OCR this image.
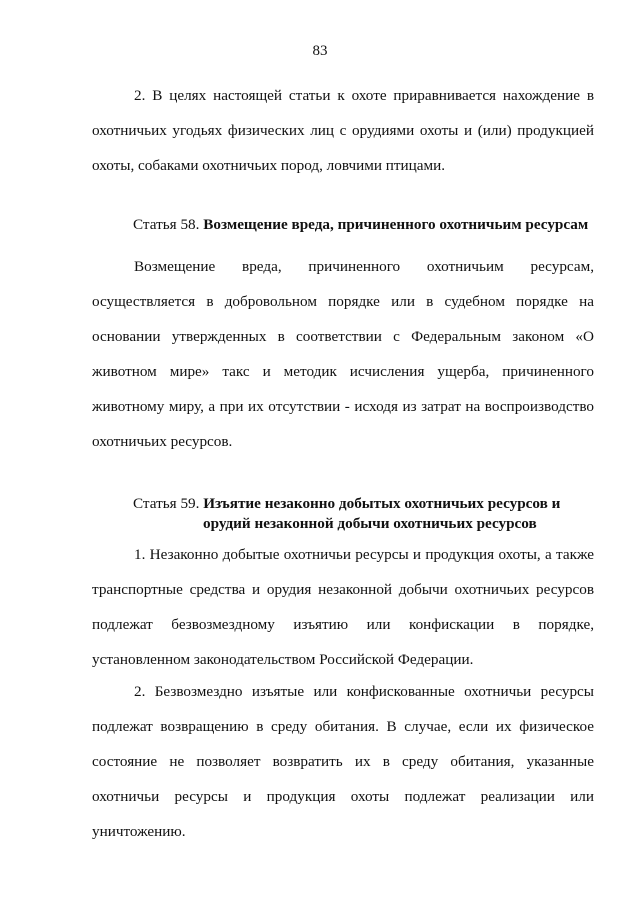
83

2. В целях настоящей статьи к охоте приравнивается нахождение в охотничьих угодьях физических лиц с орудиями охоты и (или) продукцией охоты, собаками охотничьих пород, ловчими птицами.

Статья 58. Возмещение вреда, причиненного охотничьим ресурсам

Возмещение вреда, причиненного охотничьим ресурсам, осуществляется в добровольном порядке или в судебном порядке на основании утвержденных в соответствии с Федеральным законом «О животном мире» такс и методик исчисления ущерба, причиненного животному миру, а при их отсутствии - исходя из затрат на воспроизводство охотничьих ресурсов.

Статья 59. Изъятие незаконно добытых охотничьих ресурсов и
орудий незаконной добычи охотничьих ресурсов

1. Незаконно добытые охотничьи ресурсы и продукция охоты, а также транспортные средства и орудия незаконной добычи охотничьих ресурсов подлежат безвозмездному изъятию или конфискации в порядке, установленном законодательством Российской Федерации.

2. Безвозмездно изъятые или конфискованные охотничьи ресурсы подлежат возвращению в среду обитания. В случае, если их физическое состояние не позволяет возвратить их в среду обитания, указанные охотничьи ресурсы и продукция охоты подлежат реализации или уничтожению.
